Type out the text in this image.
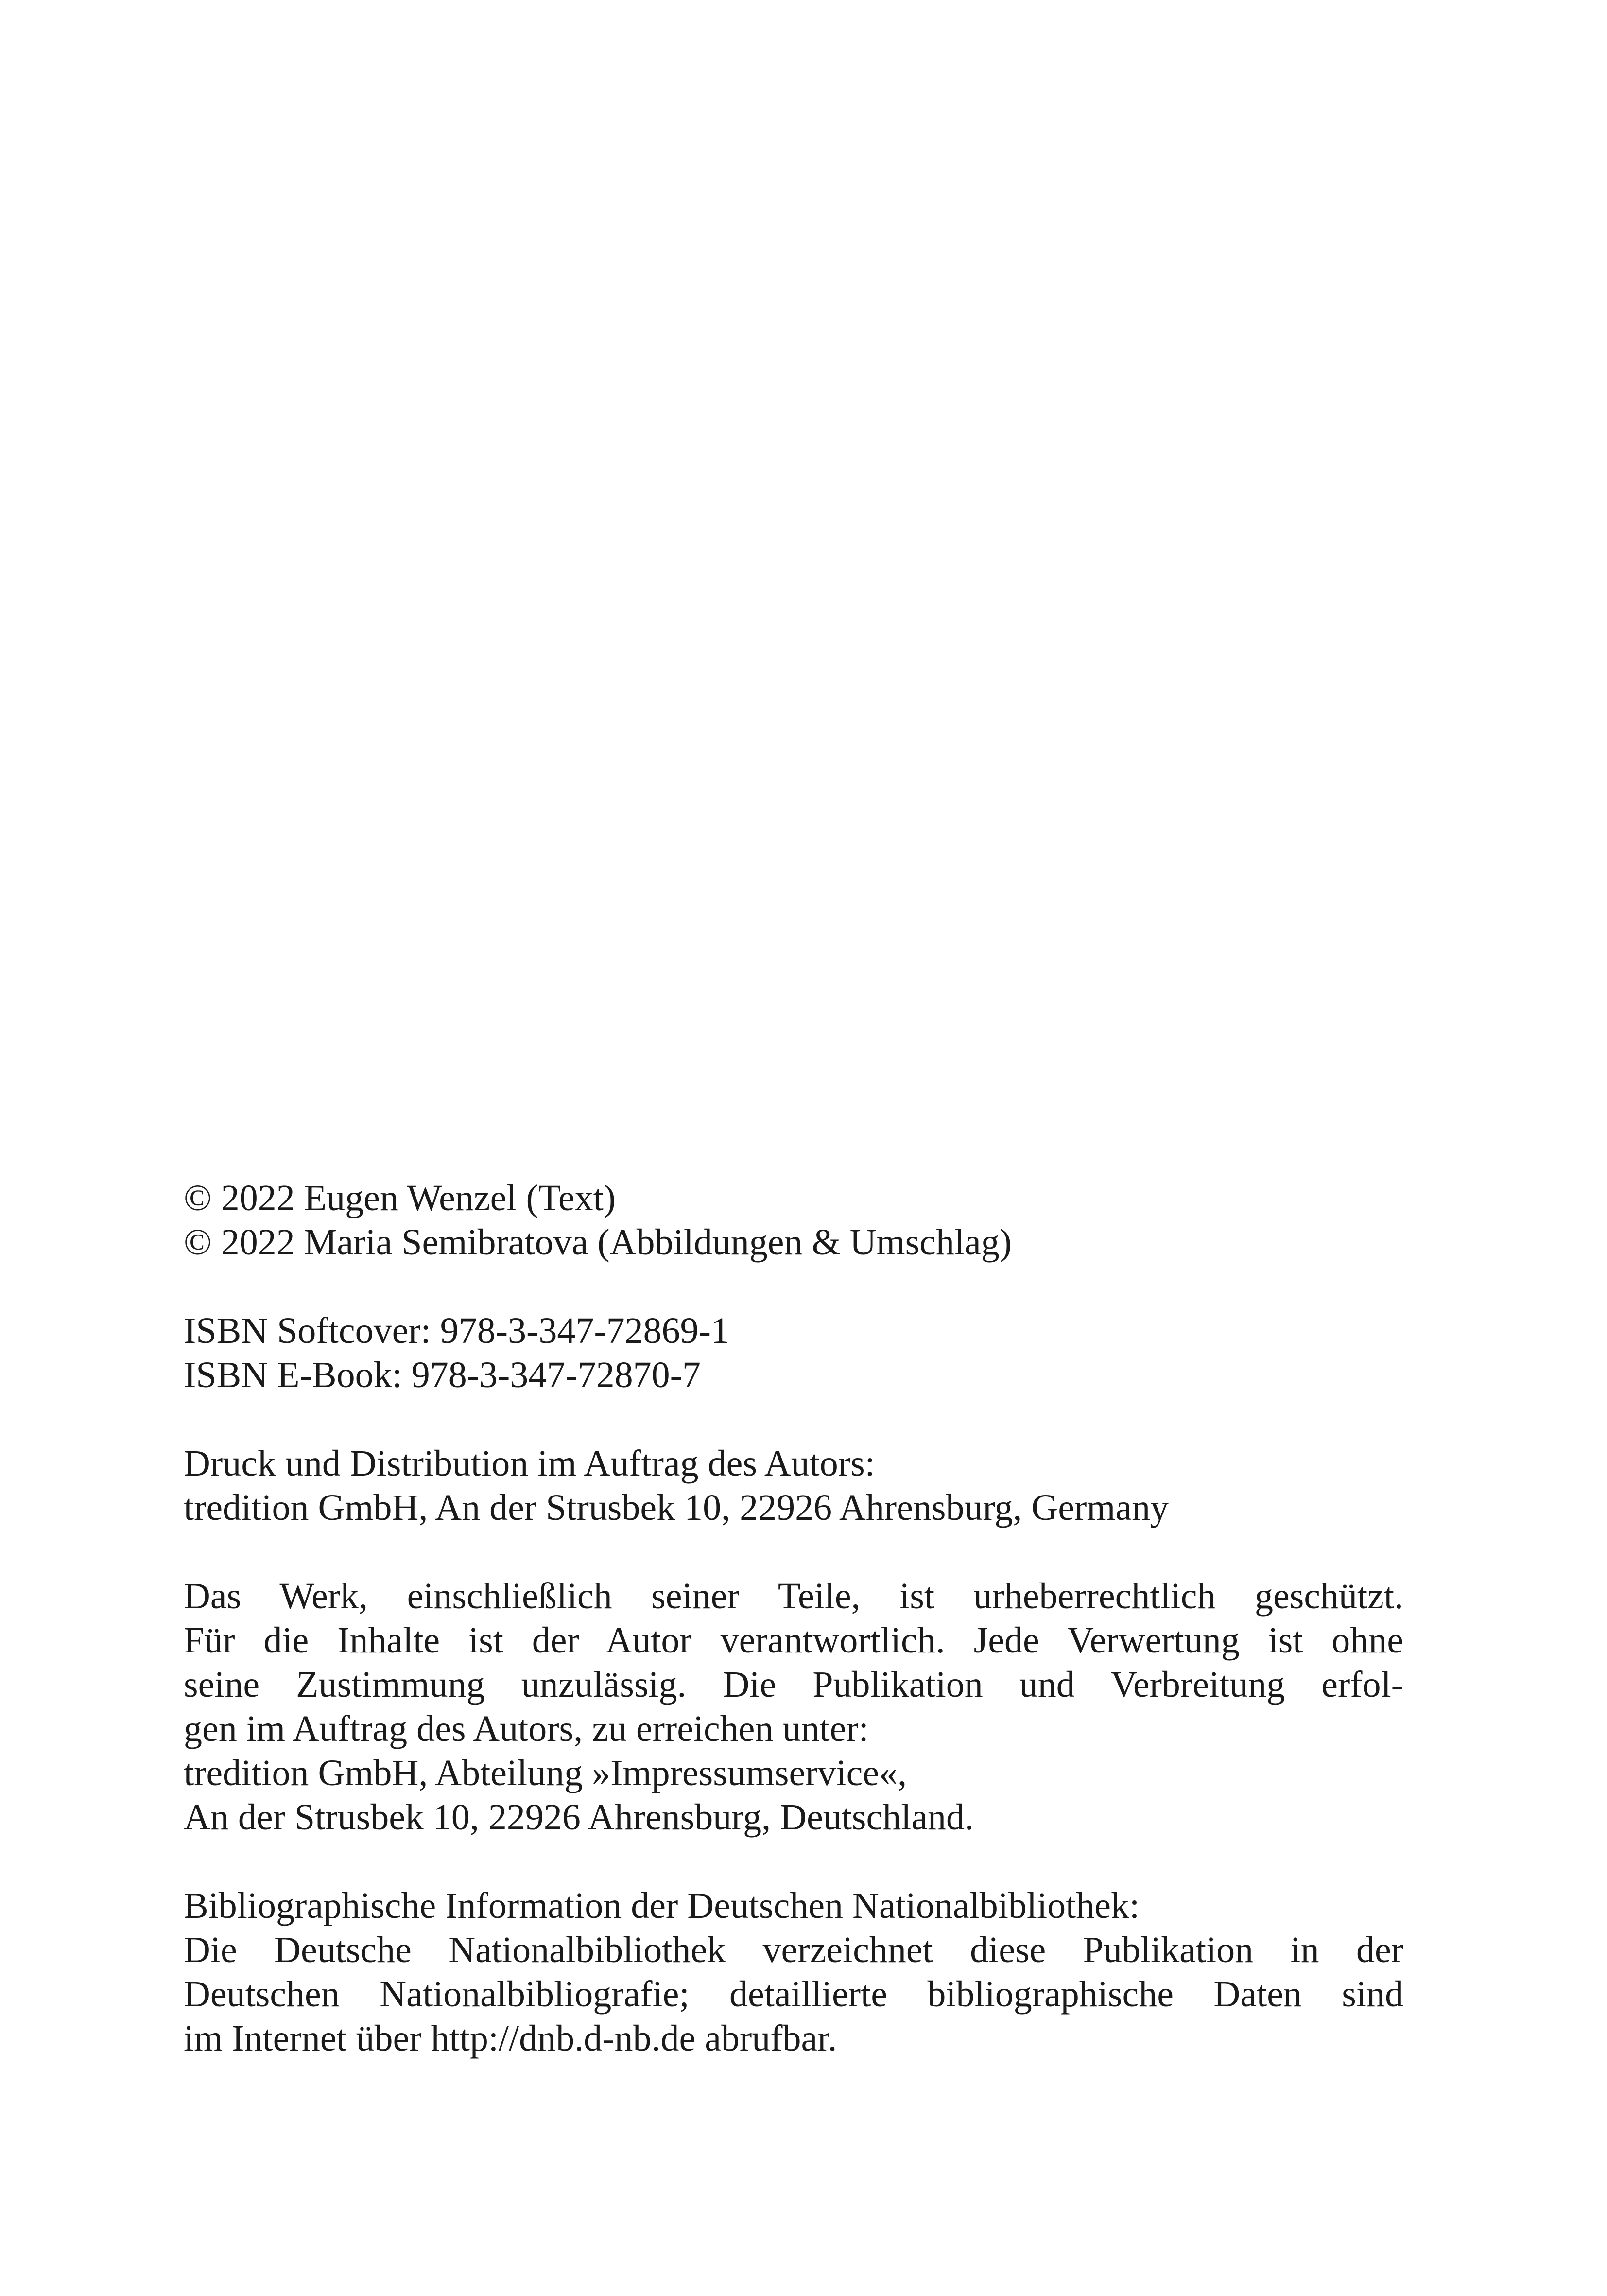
© 2022 Eugen Wenzel (Text)
© 2022 Maria Semibratova (Abbildungen & Umschlag)
ISBN Softcover: 978-3-347-72869-1
ISBN E-Book: 978-3-347-72870-7
Druck und Distribution im Auftrag des Autors:
tredition GmbH, An der Strusbek 10, 22926 Ahrensburg, Germany
Das Werk, einschließlich seiner Teile, ist urheberrechtlich geschützt.
Für die Inhalte ist der Autor verantwortlich. Jede Verwertung ist ohne
seine Zustimmung unzulässig. Die Publikation und Verbreitung erfol-
gen im Auftrag des Autors, zu erreichen unter:
tredition GmbH, Abteilung »Impressumservice«,
An der Strusbek 10, 22926 Ahrensburg, Deutschland.
Bibliographische Information der Deutschen Nationalbibliothek:
Die Deutsche Nationalbibliothek verzeichnet diese Publikation in der
Deutschen Nationalbibliografie; detaillierte bibliographische Daten sind
im Internet über http://dnb.d-nb.de abrufbar.
